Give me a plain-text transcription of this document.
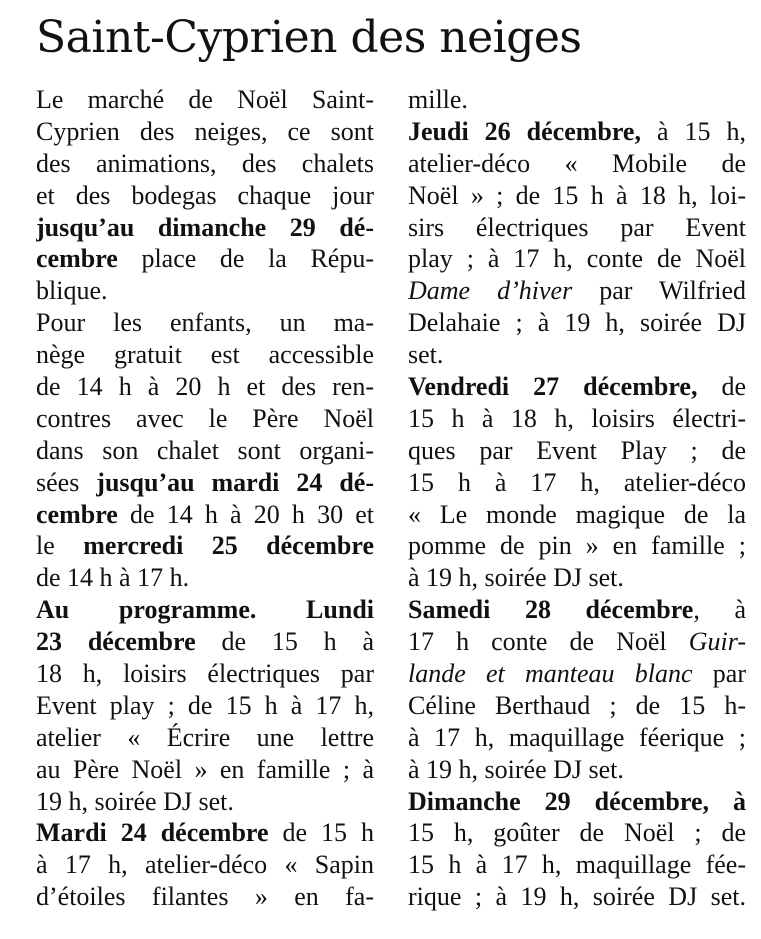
Saint-Cyprien des neiges
Le marché de Noël Saint-
Cyprien des neiges, ce sont
des animations, des chalets
et des bodegas chaque jour
jusqu’au dimanche 29 dé-
cembre place de la Répu-
blique.
Pour les enfants, un ma-
nège gratuit est accessible
de 14 h à 20 h et des ren-
contres avec le Père Noël
dans son chalet sont organi-
sées jusqu’au mardi 24 dé-
cembre de 14 h à 20 h 30 et
le mercredi 25 décembre
de 14 h à 17 h.
Au programme. Lundi
23 décembre de 15 h à
18 h, loisirs électriques par
Event play ; de 15 h à 17 h,
atelier « Écrire une lettre
au Père Noël » en famille ; à
19 h, soirée DJ set.
Mardi 24 décembre de 15 h
à 17 h, atelier-déco « Sapin
d’étoiles filantes » en fa-
mille.
Jeudi 26 décembre, à 15 h,
atelier-déco « Mobile de
Noël » ; de 15 h à 18 h, loi-
sirs électriques par Event
play ; à 17 h, conte de Noël
Dame d’hiver par Wilfried
Delahaie ; à 19 h, soirée DJ
set.
Vendredi 27 décembre, de
15 h à 18 h, loisirs électri-
ques par Event Play ; de
15 h à 17 h, atelier-déco
« Le monde magique de la
pomme de pin » en famille ;
à 19 h, soirée DJ set.
Samedi 28 décembre, à
17 h conte de Noël Guir-
lande et manteau blanc par
Céline Berthaud ; de 15 h-
à 17 h, maquillage féerique ;
à 19 h, soirée DJ set.
Dimanche 29 décembre, à
15 h, goûter de Noël ; de
15 h à 17 h, maquillage fée-
rique ; à 19 h, soirée DJ set.
